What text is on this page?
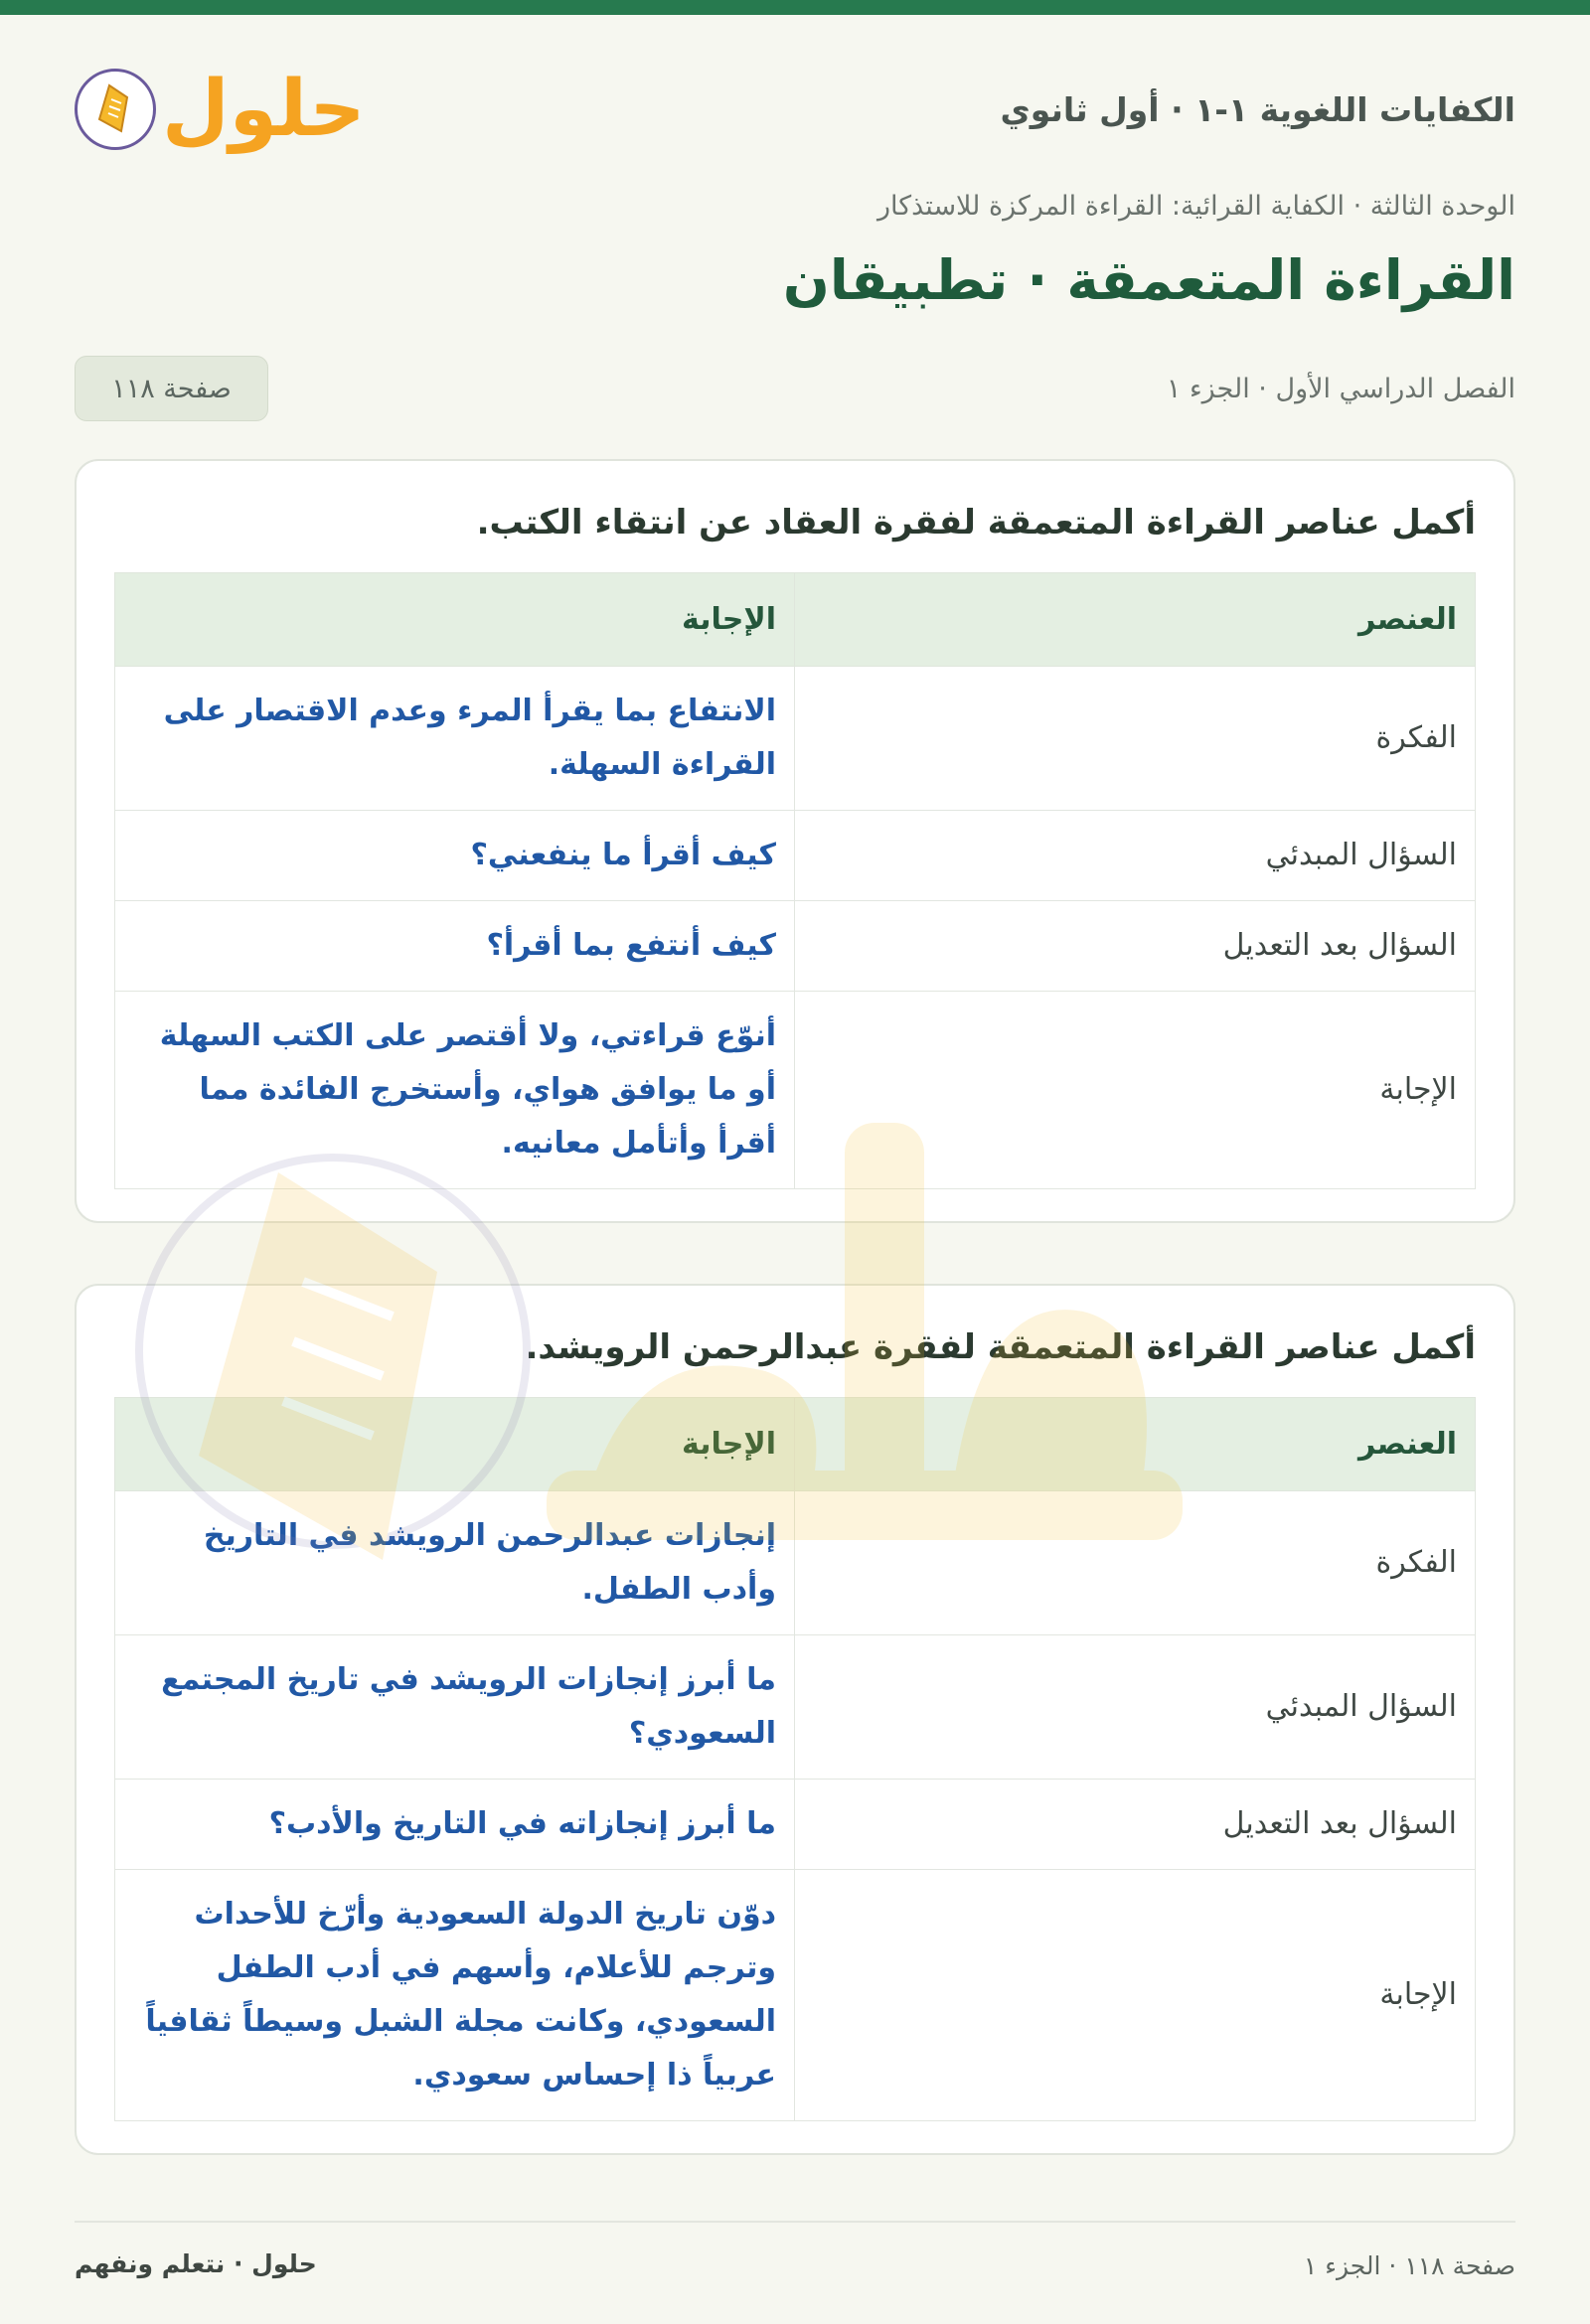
الكفايات اللغوية ١-١ · أول ثانوي
حلول
الوحدة الثالثة · الكفاية القرائية: القراءة المركزة للاستذكار
القراءة المتعمقة · تطبيقان
الفصل الدراسي الأول · الجزء ١
صفحة ١١٨
أكمل عناصر القراءة المتعمقة لفقرة العقاد عن انتقاء الكتب.
العنصر	الإجابة
الفكرة	الانتفاع بما يقرأ المرء وعدم الاقتصار على القراءة السهلة.
السؤال المبدئي	كيف أقرأ ما ينفعني؟
السؤال بعد التعديل	كيف أنتفع بما أقرأ؟
الإجابة	أنوّع قراءتي، ولا أقتصر على الكتب السهلة أو ما يوافق هواي، وأستخرج الفائدة مما أقرأ وأتأمل معانيه.
أكمل عناصر القراءة المتعمقة لفقرة عبدالرحمن الرويشد.
العنصر	الإجابة
الفكرة	إنجازات عبدالرحمن الرويشد في التاريخ وأدب الطفل.
السؤال المبدئي	ما أبرز إنجازات الرويشد في تاريخ المجتمع السعودي؟
السؤال بعد التعديل	ما أبرز إنجازاته في التاريخ والأدب؟
الإجابة	دوّن تاريخ الدولة السعودية وأرّخ للأحداث وترجم للأعلام، وأسهم في أدب الطفل السعودي، وكانت مجلة الشبل وسيطاً ثقافياً عربياً ذا إحساس سعودي.
صفحة ١١٨ · الجزء ١
حلول · نتعلم ونفهم
